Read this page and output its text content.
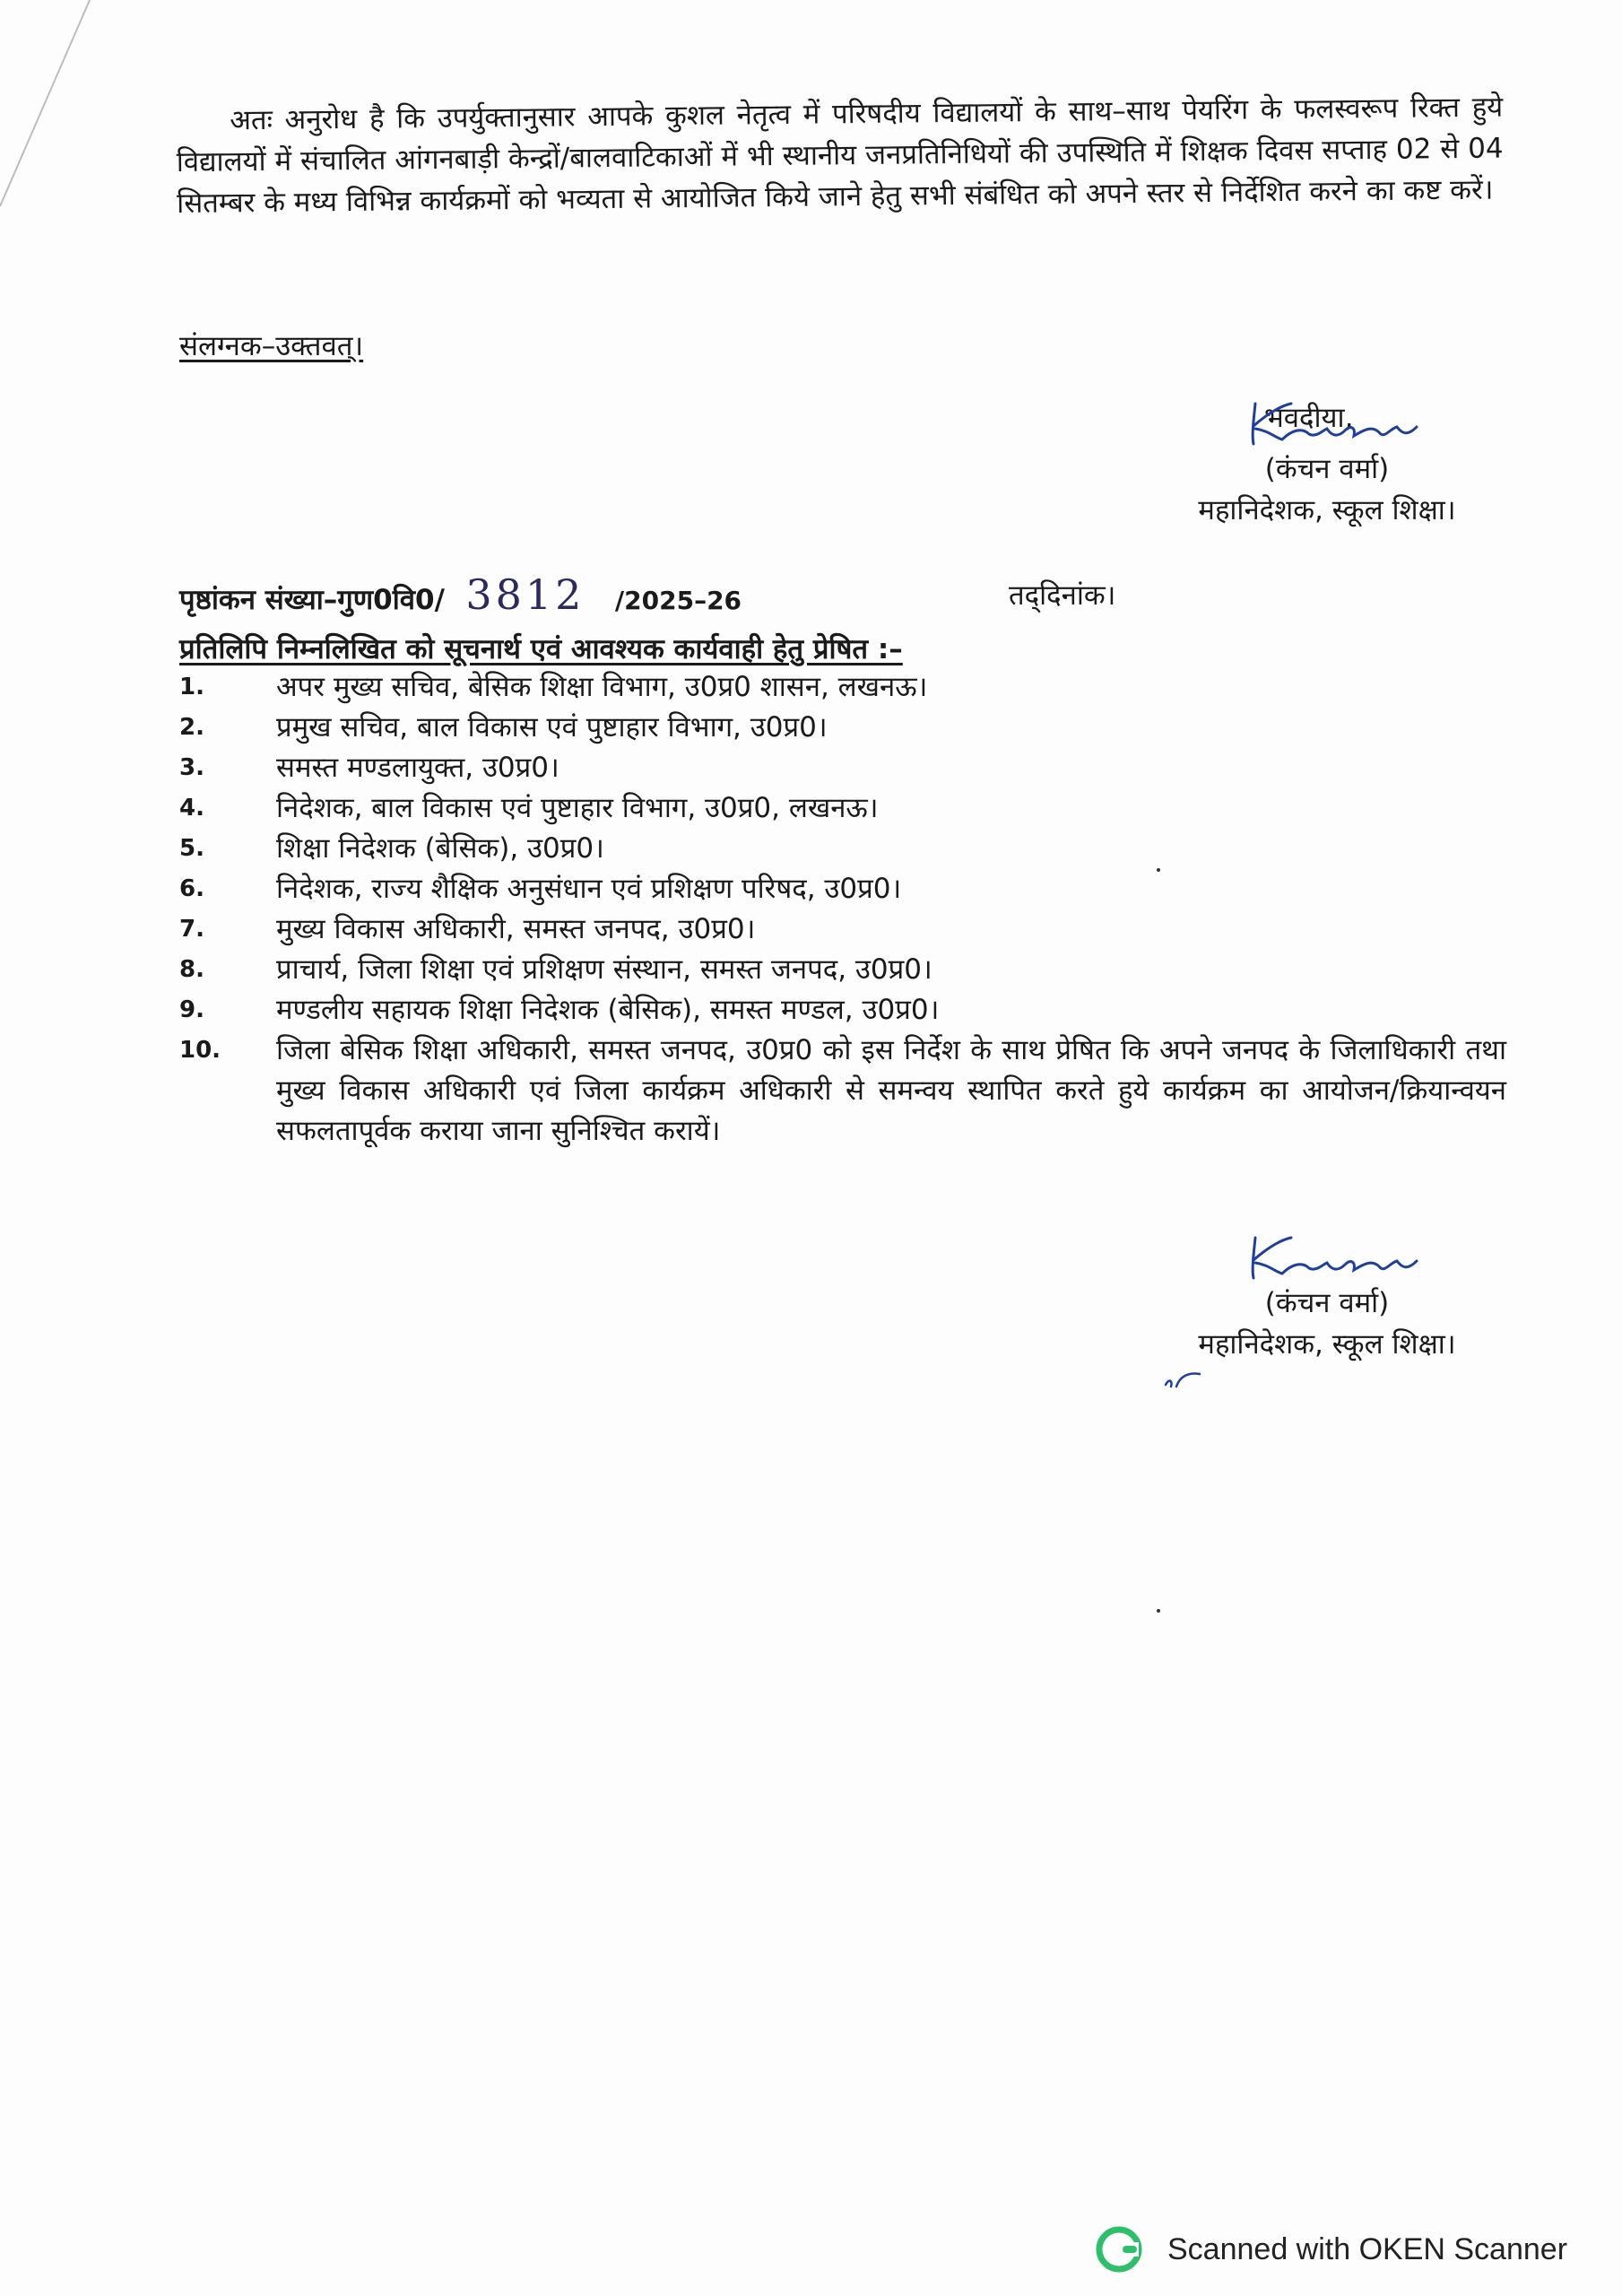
अतः अनुरोध है कि उपर्युक्तानुसार आपके कुशल नेतृत्व में परिषदीय विद्यालयों के साथ–साथ पेयरिंग के फलस्वरूप रिक्त हुये विद्यालयों में संचालित आंगनबाड़ी केन्द्रों/बालवाटिकाओं में भी स्थानीय जनप्रतिनिधियों की उपस्थिति में शिक्षक दिवस सप्ताह 02 से 04 सितम्बर के मध्य विभिन्न कार्यक्रमों को भव्यता से आयोजित किये जाने हेतु सभी संबंधित को अपने स्तर से निर्देशित करने का कष्ट करें।
संलग्नक–उक्तवत्।
भवदीया,
(कंचन वर्मा)
महानिदेशक, स्कूल शिक्षा।
पृष्ठांकन संख्या–गुण0वि0/ 3812 /2025–26	तद्‌दिनांक।
प्रतिलिपि निम्नलिखित को सूचनार्थ एवं आवश्यक कार्यवाही हेतु प्रेषित :–
1.	अपर मुख्य सचिव, बेसिक शिक्षा विभाग, उ0प्र0 शासन, लखनऊ।
2.	प्रमुख सचिव, बाल विकास एवं पुष्टाहार विभाग, उ0प्र0।
3.	समस्त मण्डलायुक्त, उ0प्र0।
4.	निदेशक, बाल विकास एवं पुष्टाहार विभाग, उ0प्र0, लखनऊ।
5.	शिक्षा निदेशक (बेसिक), उ0प्र0।
6.	निदेशक, राज्य शैक्षिक अनुसंधान एवं प्रशिक्षण परिषद, उ0प्र0।
7.	मुख्य विकास अधिकारी, समस्त जनपद, उ0प्र0।
8.	प्राचार्य, जिला शिक्षा एवं प्रशिक्षण संस्थान, समस्त जनपद, उ0प्र0।
9.	मण्डलीय सहायक शिक्षा निदेशक (बेसिक), समस्त मण्डल, उ0प्र0।
10. जिला बेसिक शिक्षा अधिकारी, समस्त जनपद, उ0प्र0 को इस निर्देश के साथ प्रेषित कि अपने जनपद के जिलाधिकारी तथा मुख्य विकास अधिकारी एवं जिला कार्यक्रम अधिकारी से समन्वय स्थापित करते हुये कार्यक्रम का आयोजन/क्रियान्वयन सफलतापूर्वक कराया जाना सुनिश्चित करायें।
(कंचन वर्मा)
महानिदेशक, स्कूल शिक्षा।
Scanned with OKEN Scanner
